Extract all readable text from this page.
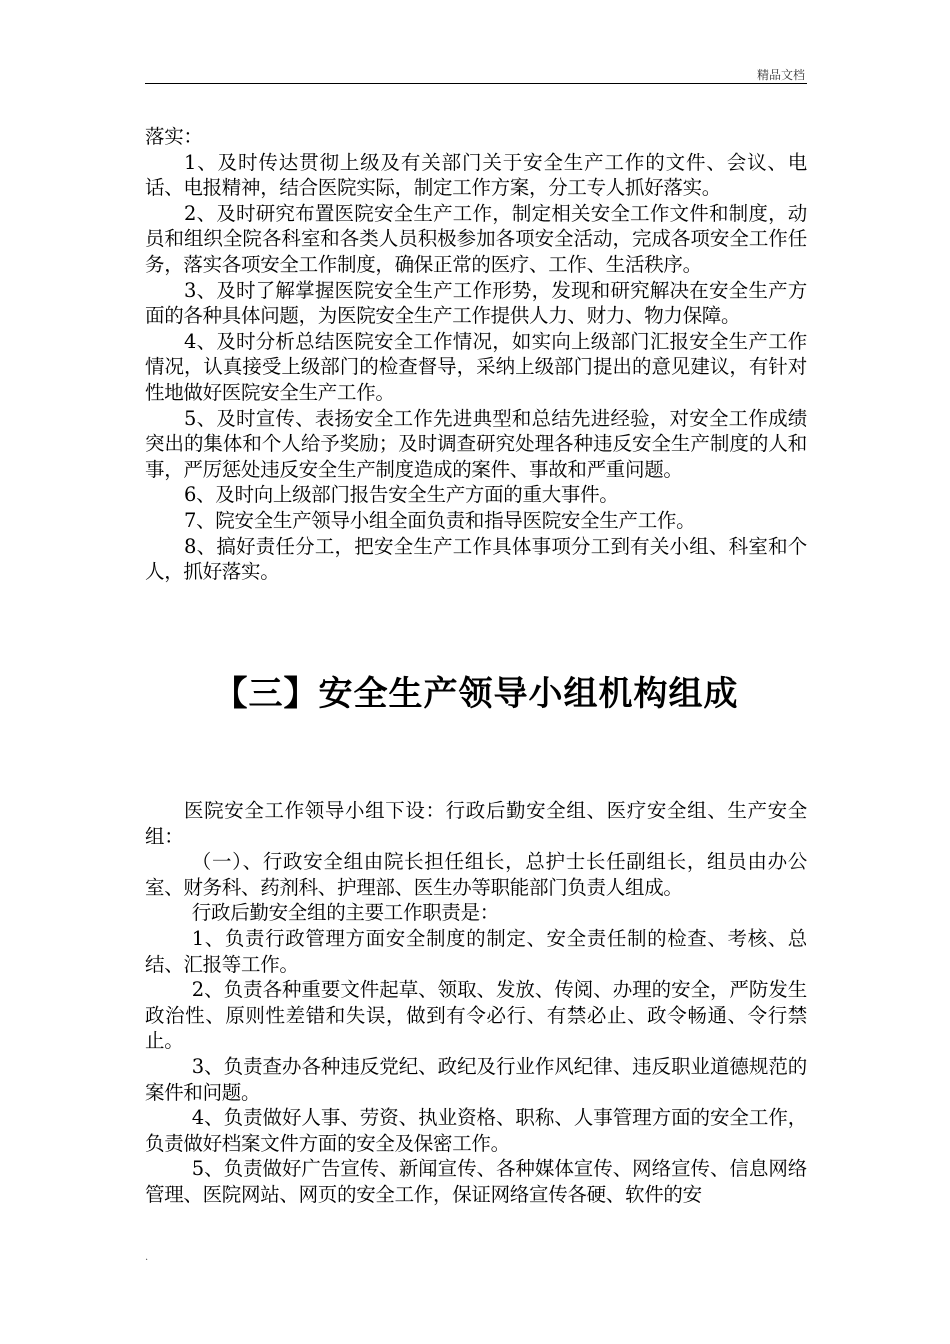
精品文档

落实：

1、及时传达贯彻上级及有关部门关于安全生产工作的文件、会议、电话、电报精神，结合医院实际，制定工作方案，分工专人抓好落实。

2、及时研究布置医院安全生产工作，制定相关安全工作文件和制度，动员和组织全院各科室和各类人员积极参加各项安全活动，完成各项安全工作任务，落实各项安全工作制度，确保正常的医疗、工作、生活秩序。

3、及时了解掌握医院安全生产工作形势，发现和研究解决在安全生产方面的各种具体问题，为医院安全生产工作提供人力、财力、物力保障。

4、及时分析总结医院安全工作情况，如实向上级部门汇报安全生产工作情况，认真接受上级部门的检查督导，采纳上级部门提出的意见建议，有针对性地做好医院安全生产工作。

5、及时宣传、表扬安全工作先进典型和总结先进经验，对安全工作成绩突出的集体和个人给予奖励；及时调查研究处理各种违反安全生产制度的人和事，严厉惩处违反安全生产制度造成的案件、事故和严重问题。

6、及时向上级部门报告安全生产方面的重大事件。

7、院安全生产领导小组全面负责和指导医院安全生产工作。

8、搞好责任分工，把安全生产工作具体事项分工到有关小组、科室和个人，抓好落实。

【三】安全生产领导小组机构组成

医院安全工作领导小组下设：行政后勤安全组、医疗安全组、生产安全组：

（一）、行政安全组由院长担任组长，总护士长任副组长，组员由办公室、财务科、药剂科、护理部、医生办等职能部门负责人组成。

行政后勤安全组的主要工作职责是：

1、负责行政管理方面安全制度的制定、安全责任制的检查、考核、总结、汇报等工作。

2、负责各种重要文件起草、领取、发放、传阅、办理的安全，严防发生政治性、原则性差错和失误，做到有令必行、有禁必止、政令畅通、令行禁止。

3、负责查办各种违反党纪、政纪及行业作风纪律、违反职业道德规范的案件和问题。

4、负责做好人事、劳资、执业资格、职称、人事管理方面的安全工作，负责做好档案文件方面的安全及保密工作。

5、负责做好广告宣传、新闻宣传、各种媒体宣传、网络宣传、信息网络管理、医院网站、网页的安全工作，保证网络宣传各硬、软件的安

.
